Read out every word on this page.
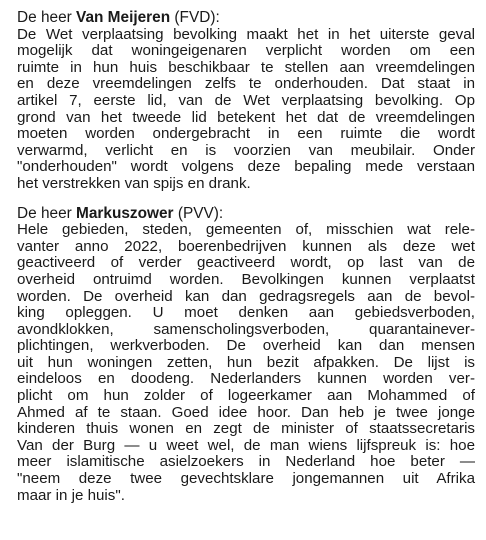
De heer Van Meijeren (FVD):
De Wet verplaatsing bevolking maakt het in het uiterste geval
mogelijk dat woningeigenaren verplicht worden om een
ruimte in hun huis beschikbaar te stellen aan vreemdelingen
en deze vreemdelingen zelfs te onderhouden. Dat staat in
artikel 7, eerste lid, van de Wet verplaatsing bevolking. Op
grond van het tweede lid betekent het dat de vreemdelingen
moeten worden ondergebracht in een ruimte die wordt
verwarmd, verlicht en is voorzien van meubilair. Onder
"onderhouden" wordt volgens deze bepaling mede verstaan
het verstrekken van spijs en drank.
De heer Markuszower (PVV):
Hele gebieden, steden, gemeenten of, misschien wat rele-
vanter anno 2022, boerenbedrijven kunnen als deze wet
geactiveerd of verder geactiveerd wordt, op last van de
overheid ontruimd worden. Bevolkingen kunnen verplaatst
worden. De overheid kan dan gedragsregels aan de bevol-
king opleggen. U moet denken aan gebiedsverboden,
avondklokken, samenscholingsverboden, quarantainever-
plichtingen, werkverboden. De overheid kan dan mensen
uit hun woningen zetten, hun bezit afpakken. De lijst is
eindeloos en doodeng. Nederlanders kunnen worden ver-
plicht om hun zolder of logeerkamer aan Mohammed of
Ahmed af te staan. Goed idee hoor. Dan heb je twee jonge
kinderen thuis wonen en zegt de minister of staatssecretaris
Van der Burg — u weet wel, de man wiens lijfspreuk is: hoe
meer islamitische asielzoekers in Nederland hoe beter —
"neem deze twee gevechtsklare jongemannen uit Afrika
maar in je huis".
